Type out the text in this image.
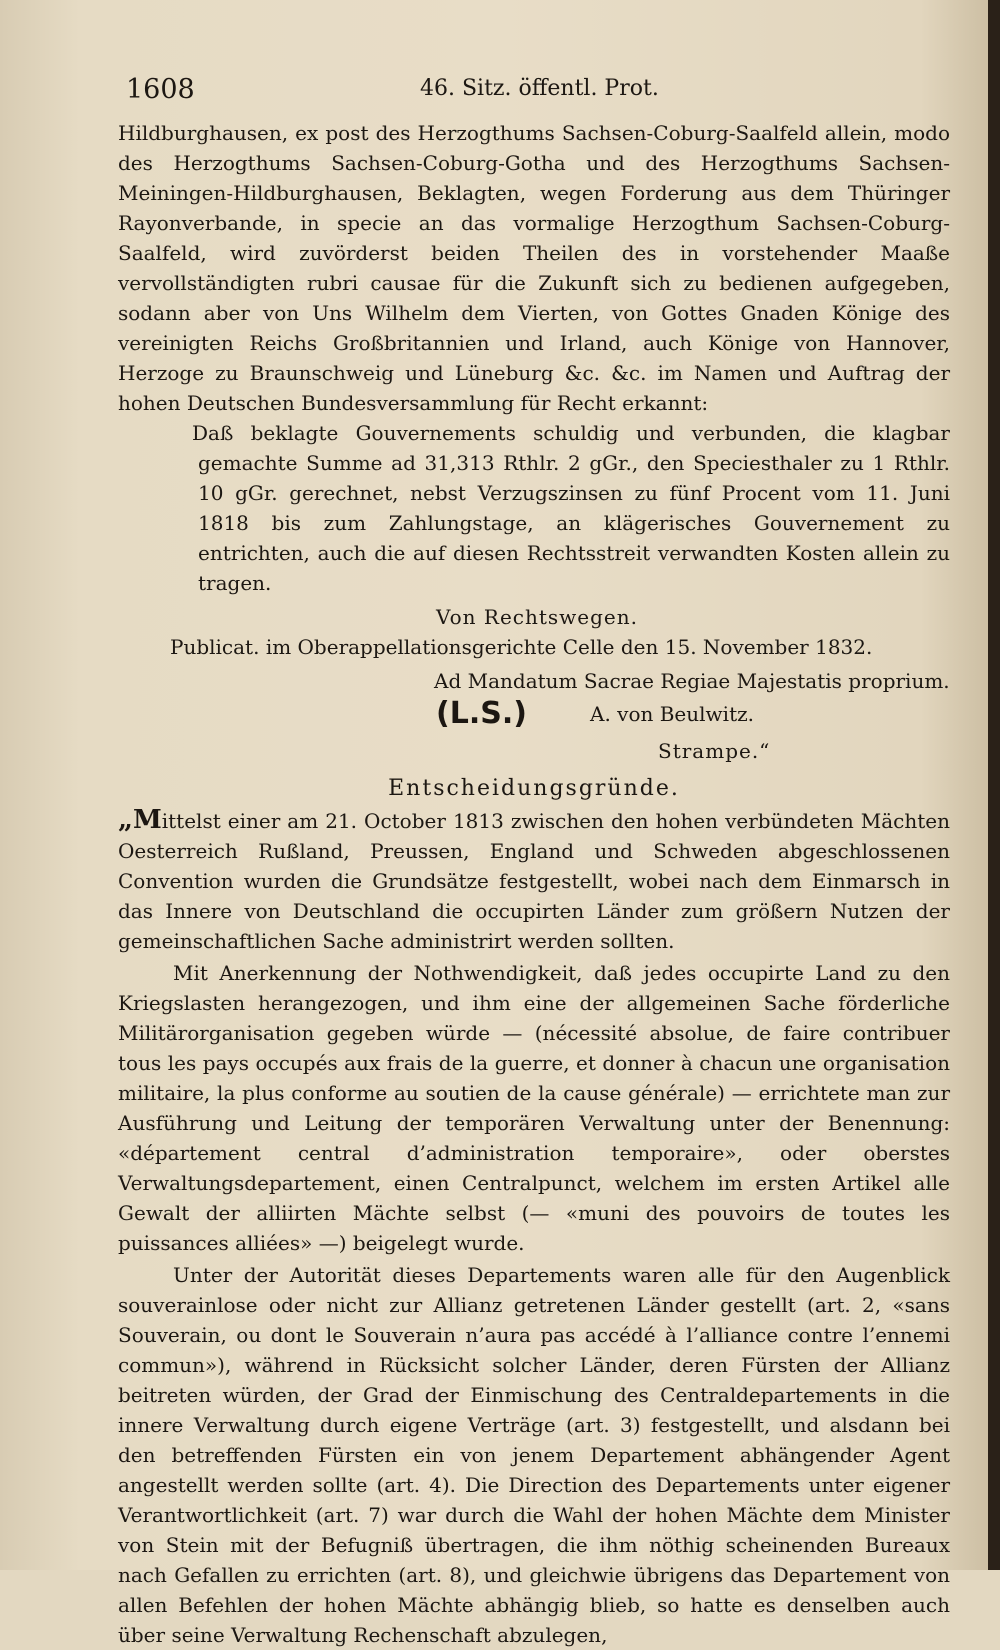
1608	46. Sitz. öffentl. Prot.

Hildburghausen, ex post des Herzogthums Sachsen-Coburg-Saalfeld allein, modo des Herzogthums Sachsen-Coburg-Gotha und des Herzogthums Sachsen-Meiningen-Hildburghausen, Beklagten, wegen Forderung aus dem Thüringer Rayonverbande, in specie an das vormalige Herzogthum Sachsen-Coburg-Saalfeld, wird zuvörderst beiden Theilen des in vorstehender Maaße vervollständigten rubri causae für die Zukunft sich zu bedienen aufgegeben, sodann aber von Uns Wilhelm dem Vierten, von Gottes Gnaden Könige des vereinigten Reichs Großbritannien und Irland, auch Könige von Hannover, Herzoge zu Braunschweig und Lüneburg &c. &c. im Namen und Auftrag der hohen Deutschen Bundesversammlung für Recht erkannt:

Daß beklagte Gouvernements schuldig und verbunden, die klagbar gemachte Summe ad 31,313 Rthlr. 2 gGr., den Speciesthaler zu 1 Rthlr. 10 gGr. gerechnet, nebst Verzugszinsen zu fünf Procent vom 11. Juni 1818 bis zum Zahlungstage, an klägerisches Gouvernement zu entrichten, auch die auf diesen Rechtsstreit verwandten Kosten allein zu tragen.

Von Rechtswegen.

Publicat. im Oberappellationsgerichte Celle den 15. November 1832.

Ad Mandatum Sacrae Regiae Majestatis proprium.

(L.S.)	A. von Beulwitz.

Strampe.“

Entscheidungsgründe.

„Mittelst einer am 21. October 1813 zwischen den hohen verbündeten Mächten Oesterreich Rußland, Preussen, England und Schweden abgeschlossenen Convention wurden die Grundsätze festgestellt, wobei nach dem Einmarsch in das Innere von Deutschland die occupirten Länder zum größern Nutzen der gemeinschaftlichen Sache administrirt werden sollten.

Mit Anerkennung der Nothwendigkeit, daß jedes occupirte Land zu den Kriegslasten herangezogen, und ihm eine der allgemeinen Sache förderliche Militärorganisation gegeben würde — (nécessité absolue, de faire contribuer tous les pays occupés aux frais de la guerre, et donner à chacun une organisation militaire, la plus conforme au soutien de la cause générale) — errichtete man zur Ausführung und Leitung der temporären Verwaltung unter der Benennung: «département central d’administration temporaire», oder oberstes Verwaltungsdepartement, einen Centralpunct, welchem im ersten Artikel alle Gewalt der alliirten Mächte selbst (— «muni des pouvoirs de toutes les puissances alliées» —) beigelegt wurde.

Unter der Autorität dieses Departements waren alle für den Augenblick souverainlose oder nicht zur Allianz getretenen Länder gestellt (art. 2, «sans Souverain, ou dont le Souverain n’aura pas accédé à l’alliance contre l’ennemi commun»), während in Rücksicht solcher Länder, deren Fürsten der Allianz beitreten würden, der Grad der Einmischung des Centraldepartements in die innere Verwaltung durch eigene Verträge (art. 3) festgestellt, und alsdann bei den betreffenden Fürsten ein von jenem Departement abhängender Agent angestellt werden sollte (art. 4). Die Direction des Departements unter eigener Verantwortlichkeit (art. 7) war durch die Wahl der hohen Mächte dem Minister von Stein mit der Befugniß übertragen, die ihm nöthig scheinenden Bureaux nach Gefallen zu errichten (art. 8), und gleichwie übrigens das Departement von allen Befehlen der hohen Mächte abhängig blieb, so hatte es denselben auch über seine Verwaltung Rechenschaft abzulegen,
